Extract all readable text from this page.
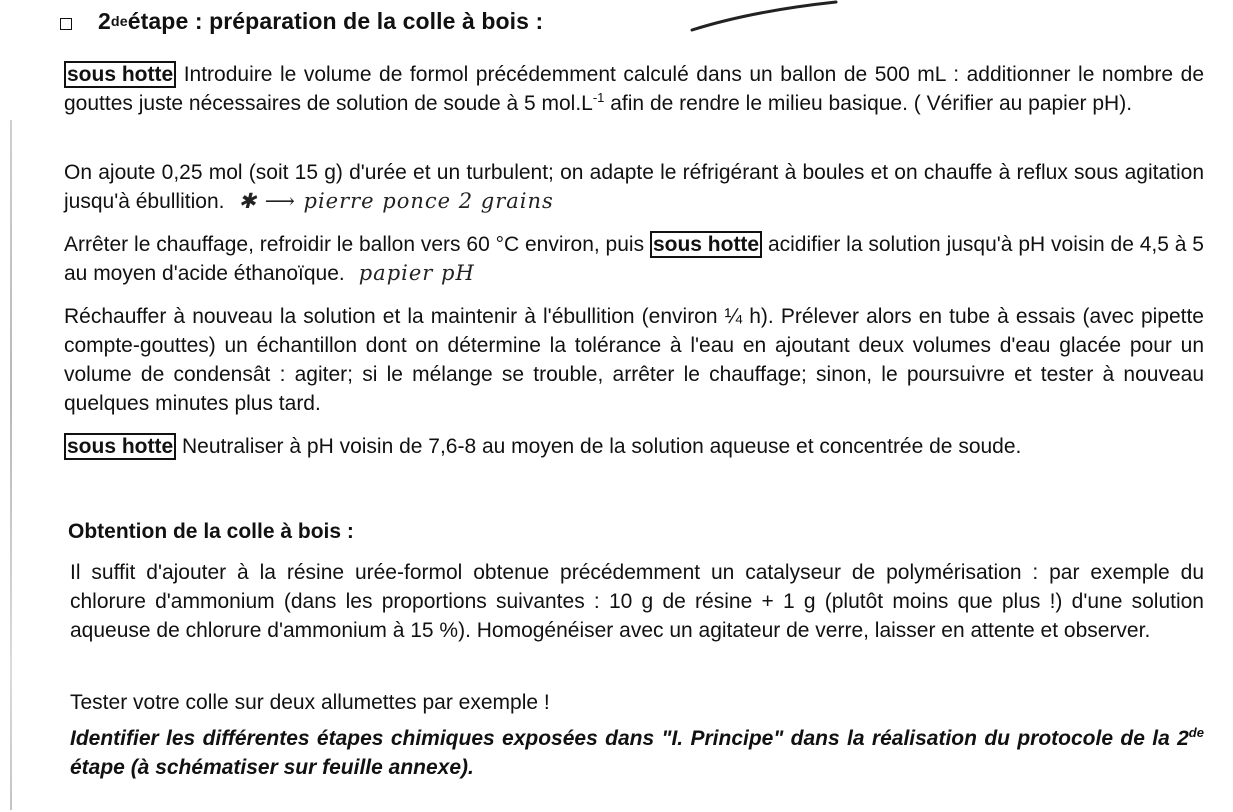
2 de étape : préparation de la colle à bois :
sous hotte Introduire le volume de formol précédemment calculé dans un ballon de 500 mL : additionner le nombre de gouttes juste nécessaires de solution de soude à 5 $mol.L^{-1}$ afin de rendre le milieu basique. ( Vérifier au papier pH).
On ajoute 0,25 mol (soit 15 g) d'urée et un turbulent; on adapte le réfrigérant à boules et on chauffe à reflux sous agitation jusqu'à ébullition. ✱ ⟶ pierre ponce 2 grains
Arrêter le chauffage, refroidir le ballon vers 60 °C environ, puis sous hotte acidifier la solution jusqu'à pH voisin de 4,5 à 5 au moyen d'acide éthanoïque. papier pH
Réchauffer à nouveau la solution et la maintenir à l'ébullition (environ ¼ h). Prélever alors en tube à essais (avec pipette compte-gouttes) un échantillon dont on détermine la tolérance à l'eau en ajoutant deux volumes d'eau glacée pour un volume de condensât : agiter; si le mélange se trouble, arrêter le chauffage; sinon, le poursuivre et tester à nouveau quelques minutes plus tard.
sous hotte Neutraliser à pH voisin de 7,6-8 au moyen de la solution aqueuse et concentrée de soude.
Obtention de la colle à bois :
Il suffit d'ajouter à la résine urée-formol obtenue précédemment un catalyseur de polymérisation : par exemple du chlorure d'ammonium (dans les proportions suivantes : 10 g de résine + 1 g (plutôt moins que plus !) d'une solution aqueuse de chlorure d'ammonium à 15 %). Homogénéiser avec un agitateur de verre, laisser en attente et observer.
Tester votre colle sur deux allumettes par exemple !
Identifier les différentes étapes chimiques exposées dans "I. Principe" dans la réalisation du protocole de la 2de étape (à schématiser sur feuille annexe).
